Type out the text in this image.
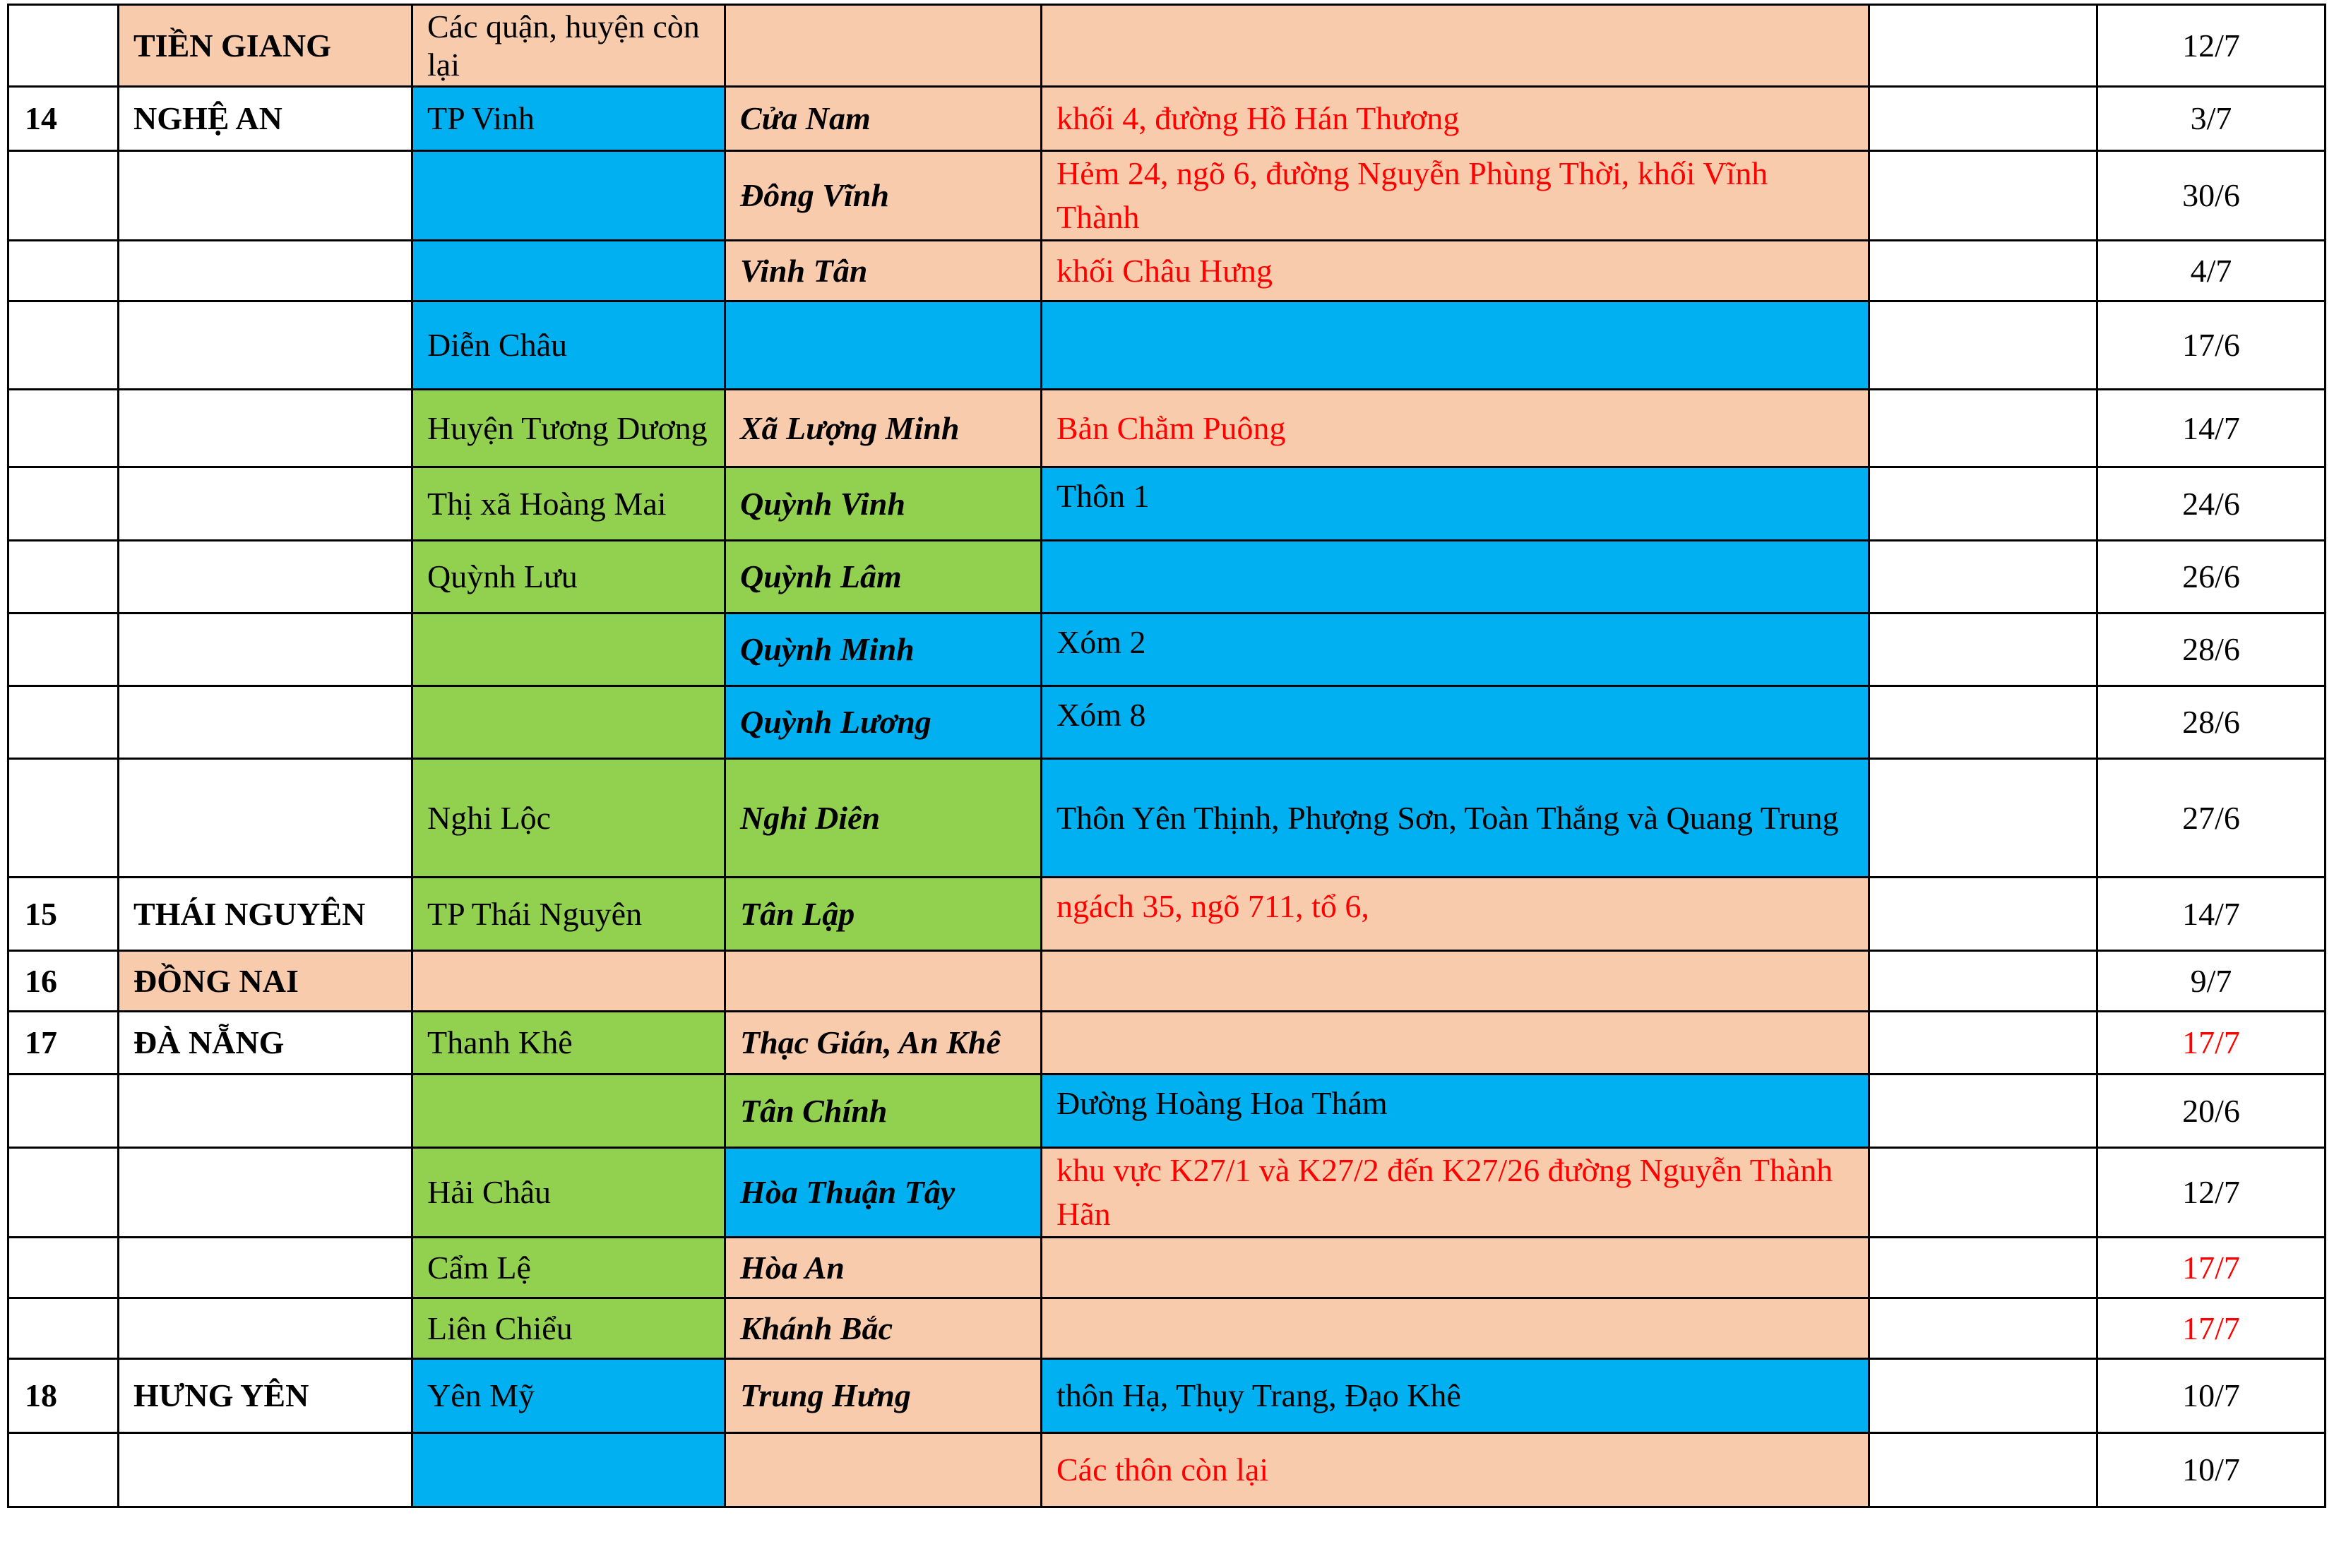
	TIỀN GIANG	Các quận, huyện còn lại				12/7
14	NGHỆ AN	TP Vinh	Cửa Nam	khối 4, đường Hồ Hán Thương		3/7
			Đông Vĩnh	Hẻm 24, ngõ 6, đường Nguyễn Phùng Thời, khối Vĩnh Thành		30/6
			Vinh Tân	khối Châu Hưng		4/7
		Diễn Châu				17/6
		Huyện Tương Dương	Xã Lượng Minh	Bản Chằm Puông		14/7
		Thị xã Hoàng Mai	Quỳnh Vinh	Thôn 1		24/6
		Quỳnh Lưu	Quỳnh Lâm			26/6
			Quỳnh Minh	Xóm 2		28/6
			Quỳnh Lương	Xóm 8		28/6
		Nghi Lộc	Nghi Diên	Thôn Yên Thịnh, Phượng Sơn, Toàn Thắng và Quang Trung		27/6
15	THÁI NGUYÊN	TP Thái Nguyên	Tân Lập	ngách 35, ngõ 711, tổ 6,		14/7
16	ĐỒNG NAI					9/7
17	ĐÀ NẴNG	Thanh Khê	Thạc Gián, An Khê			17/7
			Tân Chính	Đường Hoàng Hoa Thám		20/6
		Hải Châu	Hòa Thuận Tây	khu vực K27/1 và K27/2 đến K27/26 đường Nguyễn Thành Hãn		12/7
		Cẩm Lệ	Hòa An			17/7
		Liên Chiểu	Khánh Bắc			17/7
18	HƯNG YÊN	Yên Mỹ	Trung Hưng	thôn Hạ, Thụy Trang, Đạo Khê		10/7
				Các thôn còn lại		10/7
